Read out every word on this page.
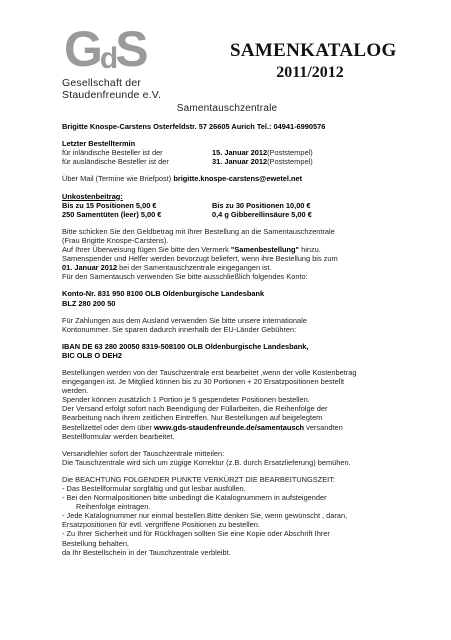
GdS
Gesellschaft der
Staudenfreunde e.V.
SAMENKATALOG
2011/2012
Samentauschzentrale
Brigitte Knospe-Carstens Osterfeldstr. 57 26605 Aurich Tel.: 04941-6990576
Letzter Bestelltermin
für inländische Besteller ist der	15. Januar 2012 (Poststempel)
für ausländische Besteller ist der	31. Januar 2012 (Poststempel)
Über Mail (Termine wie Briefpost) brigitte.knospe-carstens@ewetel.net
Unkostenbeitrag:
Bis zu 15 Positionen 5,00 €	Bis zu 30 Positionen 10,00 €
250 Samentüten (leer) 5,00 €	0,4 g Gibberellinsäure 5,00 €
Bitte schicken Sie den Geldbetrag mit Ihrer Bestellung an die Samentauschzentrale
(Frau Brigitte Knospe-Carstens).
Auf Ihrer Überweisung fügen Sie bitte den Vermerk "Samenbestellung" hinzu.
Samenspender und Helfer werden bevorzugt beliefert, wenn ihre Bestellung bis zum
01. Januar 2012 bei der Samentauschzentrale eingegangen ist.
Für den Samentausch verwenden Sie bitte ausschließlich folgendes Konto:
Konto-Nr. 831 950 8100 OLB Oldenburgische Landesbank
BLZ 280 200 50
Für Zahlungen aus dem Ausland verwenden Sie bitte unsere internationale
Kontonummer. Sie sparen dadurch innerhalb der EU-Länder Gebühren:
IBAN DE 63 280 20050 8319-508100 OLB Oldenburgische Landesbank,
BIC OLB O DEH2
Bestellungen werden von der Tauschzentrale erst bearbeitet ,wenn der volle Kostenbetrag
eingegangen ist. Je Mitglied können bis zu 30 Portionen + 20 Ersatzpositionen bestellt
werden.
Spender können zusätzlich 1 Portion je 5 gespendeter Positionen bestellen.
Der Versand erfolgt sofort nach Beendigung der Füllarbeiten, die Reihenfolge der
Bearbeitung nach ihrem zeitlichen Eintreffen. Nur Bestellungen auf beigelegtem
Bestellzettel oder dem über www.gds-staudenfreunde.de/samentausch versandten
Bestellformular werden bearbeitet.
Versandfehler sofort der Tauschzentrale mitteilen:
Die Tauschzentrale wird sich um zügige Korrektur (z.B. durch Ersatzlieferung) bemühen.
Die BEACHTUNG FOLGENDER PUNKTE VERKÜRZT DIE BEARBEITUNGSZEIT:
- Das Bestellformular sorgfältig und gut lesbar ausfüllen.
- Bei den Normalpositionen bitte unbedingt die Katalognummern in aufsteigender
Reihenfolge eintragen.
- Jede Katalognummer nur einmal bestellen.Bitte denken Sie, wenn gewünscht , daran,
Ersatzpositionen für evtl. vergriffene Positionen zu bestellen.
- Zu Ihrer Sicherheit und für Rückfragen sollten Sie eine Kopie oder Abschrift Ihrer
Bestellung behalten,
da Ihr Bestellschein in der Tauschzentrale verbleibt.
